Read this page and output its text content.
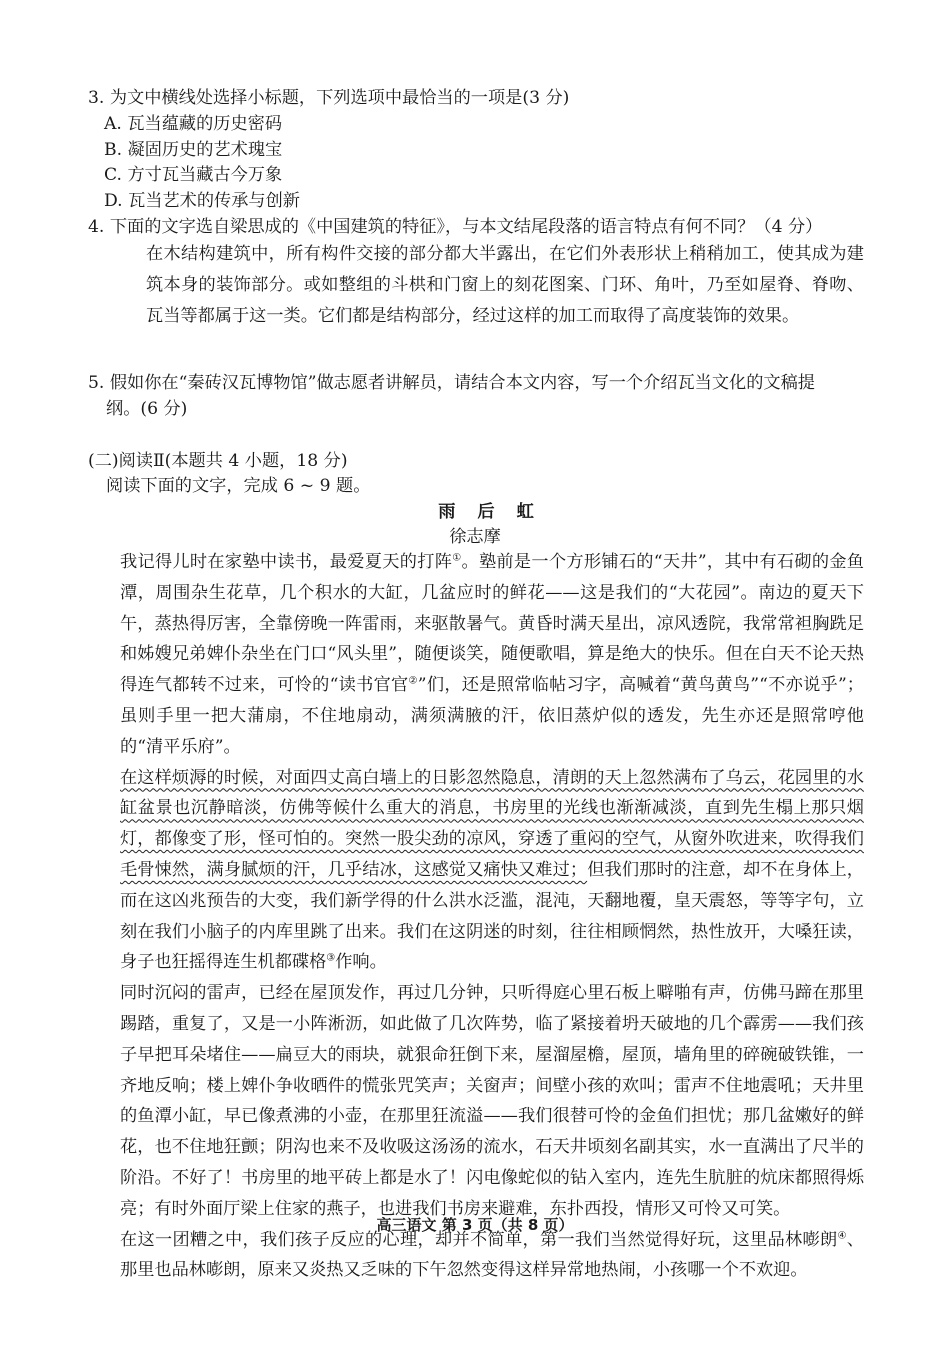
3. 为文中横线处选择小标题，下列选项中最恰当的一项是(3 分)
A. 瓦当蕴藏的历史密码
B. 凝固历史的艺术瑰宝
C. 方寸瓦当藏古今万象
D. 瓦当艺术的传承与创新
4. 下面的文字选自梁思成的《中国建筑的特征》，与本文结尾段落的语言特点有何不同？（4 分）

在木结构建筑中，所有构件交接的部分都大半露出，在它们外表形状上稍稍加工，使其成为建筑本身的装饰部分。或如整组的斗栱和门窗上的刻花图案、门环、角叶，乃至如屋脊、脊吻、瓦当等都属于这一类。它们都是结构部分，经过这样的加工而取得了高度装饰的效果。

5. 假如你在“秦砖汉瓦博物馆”做志愿者讲解员，请结合本文内容，写一个介绍瓦当文化的文稿提
纲。(6 分)
(二)阅读Ⅱ(本题共 4 小题，18 分)
阅读下面的文字，完成 6 ~ 9 题。
雨后虹
徐志摩

我记得儿时在家塾中读书，最爱夏天的打阵①。塾前是一个方形铺石的“天井”，其中有石砌的金鱼潭，周围杂生花草，几个积水的大缸，几盆应时的鲜花——这是我们的“大花园”。南边的夏天下午，蒸热得厉害，全靠傍晚一阵雷雨，来驱散暑气。黄昏时满天星出，凉风透院，我常常袒胸跣足和姊嫂兄弟婢仆杂坐在门口“风头里”，随便谈笑，随便歌唱，算是绝大的快乐。但在白天不论天热得连气都转不过来，可怜的“读书官官②”们，还是照常临帖习字，高喊着“黄鸟黄鸟”“不亦说乎”；虽则手里一把大蒲扇，不住地扇动，满须满腋的汗，依旧蒸炉似的透发，先生亦还是照常哼他的“清平乐府”。

在这样烦溽的时候，对面四丈高白墙上的日影忽然隐息，清朗的天上忽然满布了乌云，花园里的水缸盆景也沉静暗淡，仿佛等候什么重大的消息，书房里的光线也渐渐减淡，直到先生榻上那只烟灯，都像变了形，怪可怕的。突然一股尖劲的凉风，穿透了重闷的空气，从窗外吹进来，吹得我们毛骨悚然，满身腻烦的汗，几乎结冰，这感觉又痛快又难过；但我们那时的注意，却不在身体上，而在这凶兆预告的大变，我们新学得的什么洪水泛滥，混沌，天翻地覆，皇天震怒，等等字句，立刻在我们小脑子的内库里跳了出来。我们在这阴迷的时刻，往往相顾惘然，热性放开，大嗓狂读，身子也狂摇得连生机都碟格③作响。

同时沉闷的雷声，已经在屋顶发作，再过几分钟，只听得庭心里石板上噼啪有声，仿佛马蹄在那里踢踏，重复了，又是一小阵淅沥，如此做了几次阵势，临了紧接着坍天破地的几个霹雳——我们孩子早把耳朵堵住——扁豆大的雨块，就狠命狂倒下来，屋溜屋檐，屋顶，墙角里的碎碗破铁锥，一齐地反响；楼上婢仆争收晒件的慌张咒笑声；关窗声；间壁小孩的欢叫；雷声不住地震吼；天井里的鱼潭小缸，早已像煮沸的小壶，在那里狂流溢——我们很替可怜的金鱼们担忧；那几盆嫩好的鲜花，也不住地狂颤；阴沟也来不及收吸这汤汤的流水，石天井顷刻名副其实，水一直满出了尺半的阶沿。不好了！书房里的地平砖上都是水了！闪电像蛇似的钻入室内，连先生肮脏的炕床都照得烁亮；有时外面厅梁上住家的燕子，也进我们书房来避难，东扑西投，情形又可怜又可笑。

在这一团糟之中，我们孩子反应的心理，却并不简单，第一我们当然觉得好玩，这里品林嘭朗④、那里也品林嘭朗，原来又炎热又乏味的下午忽然变得这样异常地热闹，小孩哪一个不欢迎。

高三语文 第 3 页（共 8 页）
